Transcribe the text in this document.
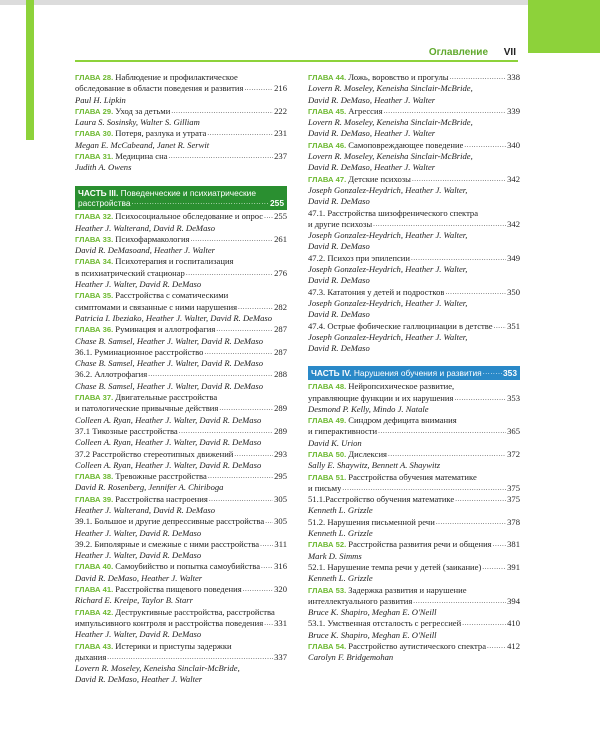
Оглавление VII
ГЛАВА 28. Наблюдение и профилактическое
обследование в области поведения и развития .....	216
Paul H. Lipkin
ГЛАВА 29. Уход за детьми .....	222
Laura S. Sosinsky, Walter S. Gilliam
ГЛАВА 30. Потеря, разлука и утрата .....	231
Megan E. McCabeand, Janet R. Serwit
ГЛАВА 31. Медицина сна .....	237
Judith A. Owens
ЧАСТЬ III. Поведенческие и психиатрические
расстройства .....	255
ГЛАВА 32. Психосоциальное обследование и опрос ..... 255
Heather J. Walterand, David R. DeMaso
ГЛАВА 33. Психофармакология .....	261
David R. DeMasoand, Heather J. Walter
ГЛАВА 34. Психотерапия и госпитализация
в психиатрический стационар .....	276
Heather J. Walter, David R. DeMaso
ГЛАВА 35. Расстройства с соматическими
симптомами и связанные с ними нарушения .....	282
Patricia I. Ibeziako, Heather J. Walter, David R. DeMaso
ГЛАВА 36. Руминация и аллотрофагия .....	287
Chase B. Samsel, Heather J. Walter, David R. DeMaso
36.1. Руминационное расстройство .....	287
Chase B. Samsel, Heather J. Walter, David R. DeMaso
36.2. Аллотрофагия .....	288
Chase B. Samsel, Heather J. Walter, David R. DeMaso
ГЛАВА 37. Двигательные расстройства
и патологические привычные действия .....	289
Colleen A. Ryan, Heather J. Walter, David R. DeMaso
37.1 Тикозные расстройства .....	289
Colleen A. Ryan, Heather J. Walter, David R. DeMaso
37.2 Расстройство стереотипных движений .....	293
Colleen A. Ryan, Heather J. Walter, David R. DeMaso
ГЛАВА 38. Тревожные расстройства .....	295
David R. Rosenberg, Jennifer A. Chiriboga
ГЛАВА 39. Расстройства настроения .....	305
Heather J. Walterand, David R. DeMaso
39.1. Большое и другие депрессивные расстройства ..... 305
Heather J. Walter, David R. DeMaso
39.2. Биполярные и смежные с ними расстройства ..... 311
Heather J. Walter, David R. DeMaso
ГЛАВА 40. Самоубийство и попытка самоубийства ..... 316
David R. DeMaso, Heather J. Walter
ГЛАВА 41. Расстройства пищевого поведения .....	320
Richard E. Kreipe, Taylor B. Starr
ГЛАВА 42. Деструктивные расстройства, расстройства
импульсивного контроля и расстройства поведения ..... 331
Heather J. Walter, David R. DeMaso
ГЛАВА 43. Истерики и приступы задержки
дыхания .....	337
Lovern R. Moseley, Keneisha Sinclair-McBride,
David R. DeMaso, Heather J. Walter
ГЛАВА 44. Ложь, воровство и прогулы .....	338
Lovern R. Moseley, Keneisha Sinclair-McBride,
David R. DeMaso, Heather J. Walter
ГЛАВА 45. Агрессия .....	339
Lovern R. Moseley, Keneisha Sinclair-McBride,
David R. DeMaso, Heather J. Walter
ГЛАВА 46. Самоповреждающее поведение .....	340
Lovern R. Moseley, Keneisha Sinclair-McBride,
David R. DeMaso, Heather J. Walter
ГЛАВА 47. Детские психозы .....	342
Joseph Gonzalez-Heydrich, Heather J. Walter,
David R. DeMaso
47.1. Расстройства шизофренического спектра
и другие психозы .....	342
Joseph Gonzalez-Heydrich, Heather J. Walter,
David R. DeMaso
47.2. Психоз при эпилепсии .....	349
Joseph Gonzalez-Heydrich, Heather J. Walter,
David R. DeMaso
47.3. Кататония у детей и подростков .....	350
Joseph Gonzalez-Heydrich, Heather J. Walter,
David R. DeMaso
47.4. Острые фобические галлюцинации в детстве ..... 351
Joseph Gonzalez-Heydrich, Heather J. Walter,
David R. DeMaso
ЧАСТЬ IV. Нарушения обучения и развития .....	353
ГЛАВА 48. Нейропсихическое развитие,
управляющие функции и их нарушения .....	353
Desmond P. Kelly, Mindo J. Natale
ГЛАВА 49. Синдром дефицита внимания
и гиперактивности .....	365
David K. Urion
ГЛАВА 50. Дислексия .....	372
Sally E. Shaywitz, Bennett A. Shaywitz
ГЛАВА 51. Расстройства обучения математике
и письму .....	375
51.1.Расстройство обучения математике .....	375
Kenneth L. Grizzle
51.2. Нарушения письменной речи .....	378
Kenneth L. Grizzle
ГЛАВА 52. Расстройства развития речи и общения ..... 381
Mark D. Simms
52.1. Нарушение темпа речи у детей (заикание) .....	391
Kenneth L. Grizzle
ГЛАВА 53. Задержка развития и нарушение
интеллектуального развития .....	394
Bruce K. Shapiro, Meghan E. O'Neill
53.1. Умственная отсталость с регрессией .....	410
Bruce K. Shapiro, Meghan E. O'Neill
ГЛАВА 54. Расстройство аутистического спектра ..... 412
Carolyn F. Bridgemohan
